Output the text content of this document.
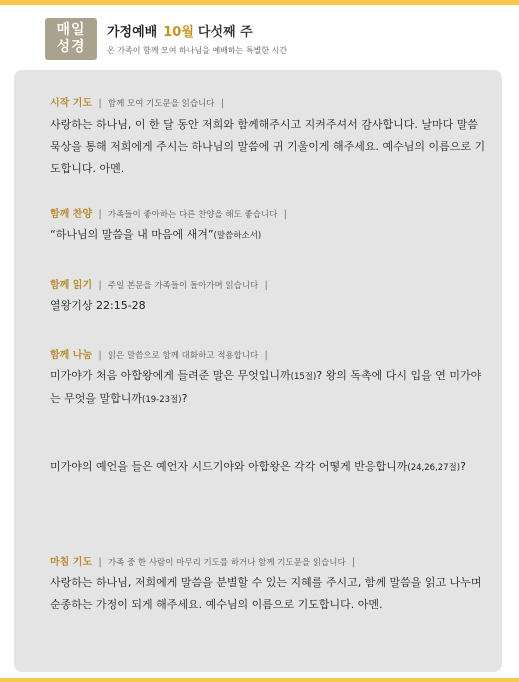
매일
성경
가정예배 10월 다섯째 주
온 가족이 함께 모여 하나님을 예배하는 특별한 시간
시작 기도 | 함께 모여 기도문을 읽습니다 |
사랑하는 하나님, 이 한 달 동안 저희와 함께해주시고 지켜주셔서 감사합니다. 날마다 말씀 묵상을 통해 저희에게 주시는 하나님의 말씀에 귀 기울이게 해주세요. 예수님의 이름으로 기도합니다. 아멘.
함께 찬양 | 가족들이 좋아하는 다른 찬양을 해도 좋습니다 |
“하나님의 말씀을 내 마음에 새겨”(말씀하소서)
함께 읽기 | 주일 본문을 가족들이 돌아가며 읽습니다 |
열왕기상 22:15-28
함께 나눔 | 읽은 말씀으로 함께 대화하고 적용합니다 |
미가야가 처음 아합왕에게 들려준 말은 무엇입니까(15절)? 왕의 독촉에 다시 입을 연 미가야는 무엇을 말합니까(19-23절)?
미가야의 예언을 들은 예언자 시드기야와 아합왕은 각각 어떻게 반응합니까(24,26,27절)?
마침 기도 | 가족 중 한 사람이 마무리 기도를 하거나 함께 기도문을 읽습니다 |
사랑하는 하나님, 저희에게 말씀을 분별할 수 있는 지혜를 주시고, 함께 말씀을 읽고 나누며 순종하는 가정이 되게 해주세요. 예수님의 이름으로 기도합니다. 아멘.
